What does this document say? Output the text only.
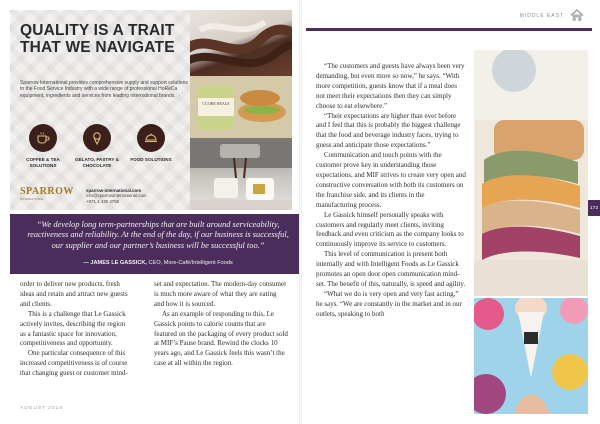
QUALITY IS A TRAIT THAT WE NAVIGATE
Sparrow International provides comprehensive supply and support solutions to the Food Service Industry with a wide range of professional HoReCa equipment, ingredients and services from leading international brands.
COFFEE & TEA SOLUTIONS
GELATO, PASTRY & CHOCOLATE
FOOD SOLUTIONS
SPARROW
INTERNATIONAL
sparrow-international.com
info@sparrowinternational.com
+971 4 430 4795
CUORE REALE
“We develop long term-partnerships that are built around serviceability, reactiveness and reliability. At the end of the day, if our business is successful, our supplier and our partner’s business will be successful too.”
— JAMES LE GASSICK, CEO, More-Café/Intelligent Foods

order to deliver new products, fresh ideas and retain and attract new guests and clients.

This is a challenge that Le Gassick actively invites, describing the region as a fantastic space for innovation, competitiveness and opportunity.

One particular consequence of this increased competitiveness is of course that changing guest or customer mind-

set and expectation. The modern-day consumer is much more aware of what they are eating and how it is sourced.

As an example of responding to this, Le Gassick points to calorie counts that are featured on the packaging of every product sold at MIF’s Pause brand. Rewind the clocks 10 years ago, and Le Gassick feels this wasn’t the case at all within the region.

AUGUST 2018
MIDDLE EAST

“The customers and guests have always been very demanding, but even more so now,” he says. “With more competition, guests know that if a meal does not meet their expectations then they can simply choose to eat elsewhere.”

“Their expectations are higher than ever before and I feel that this is probably the biggest challenge that the food and beverage industry faces, trying to guess and anticipate those expectations.”

Communication and touch points with the customer prove key in understanding those expectations, and MIF strives to create very open and constructive conversation with both its customers on the franchise side, and its clients in the manufacturing process.

Le Gassick himself personally speaks with customers and regularly meet clients, inviting feedback and even criticism as the company looks to continuously improve its service to customers.

This level of communication is present both internally and with Intelligent Foods as Le Gassick promotes an open door open communication mind-set. The benefit of this, naturally, is speed and agility.

“What we do is very open and very fast acting,” he says. “We are constantly in the market and in our outlets, speaking to both

173
